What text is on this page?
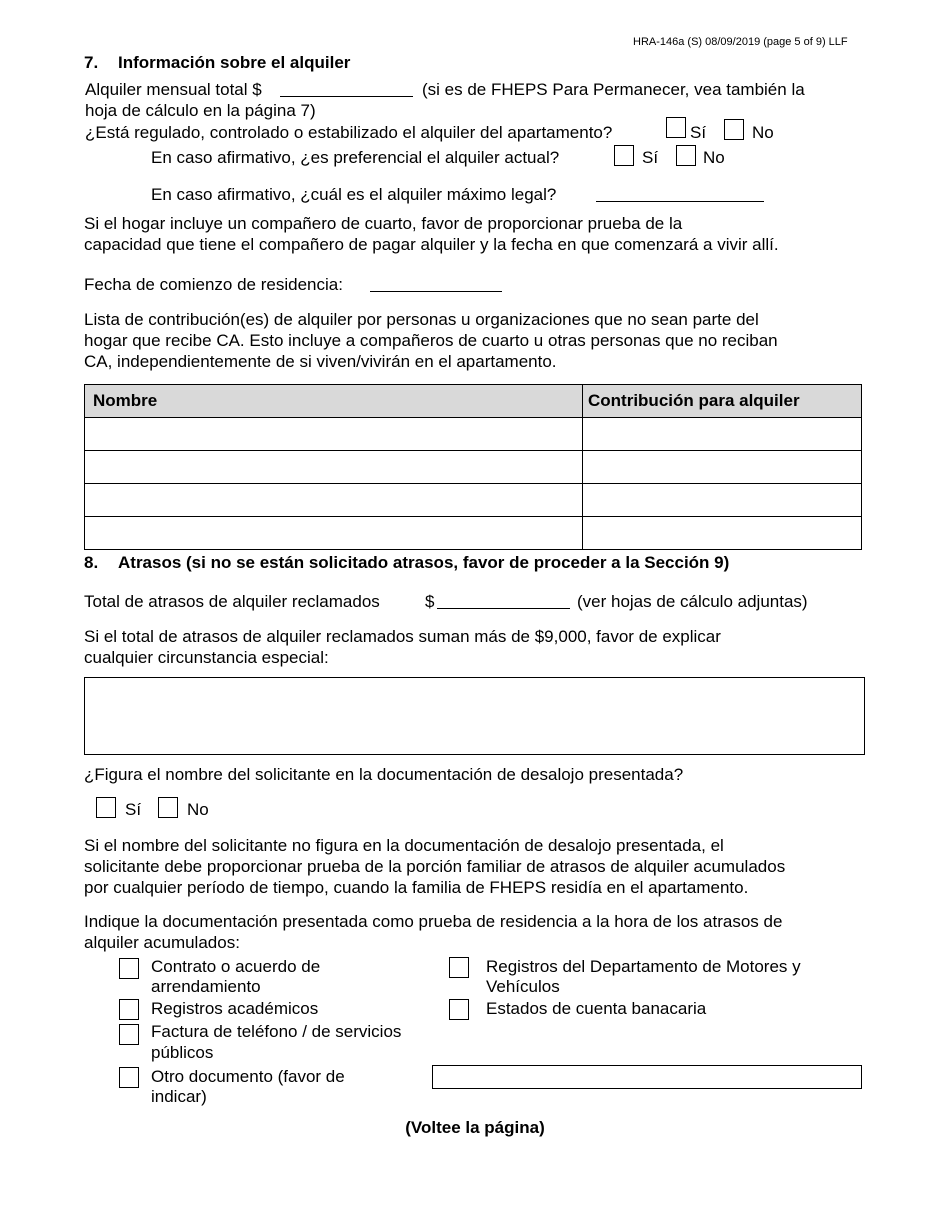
HRA-146a (S) 08/09/2019 (page 5 of 9) LLF
7. Información sobre el alquiler
Alquiler mensual total $	(si es de FHEPS Para Permanecer, vea también la
hoja de cálculo en la página 7)
¿Está regulado, controlado o estabilizado el alquiler del apartamento?	Sí	No
En caso afirmativo, ¿es preferencial el alquiler actual?	Sí	No
En caso afirmativo, ¿cuál es el alquiler máximo legal?
Si el hogar incluye un compañero de cuarto, favor de proporcionar prueba de la
capacidad que tiene el compañero de pagar alquiler y la fecha en que comenzará a vivir allí.
Fecha de comienzo de residencia:
Lista de contribución(es) de alquiler por personas u organizaciones que no sean parte del
hogar que recibe CA. Esto incluye a compañeros de cuarto u otras personas que no reciban
CA, independientemente de si viven/vivirán en el apartamento.
Nombre	Contribución para alquiler

8. Atrasos (si no se están solicitado atrasos, favor de proceder a la Sección 9)
Total de atrasos de alquiler reclamados	$	(ver hojas de cálculo adjuntas)
Si el total de atrasos de alquiler reclamados suman más de $9,000, favor de explicar
cualquier circunstancia especial:
¿Figura el nombre del solicitante en la documentación de desalojo presentada?
Sí	No
Si el nombre del solicitante no figura en la documentación de desalojo presentada, el
solicitante debe proporcionar prueba de la porción familiar de atrasos de alquiler acumulados
por cualquier período de tiempo, cuando la familia de FHEPS residía en el apartamento.
Indique la documentación presentada como prueba de residencia a la hora de los atrasos de
alquiler acumulados:
Contrato o acuerdo de
arrendamiento
Registros académicos
Factura de teléfono / de servicios
públicos
Otro documento (favor de
indicar)
Registros del Departamento de Motores y
Vehículos
Estados de cuenta banacaria
(Voltee la página)
